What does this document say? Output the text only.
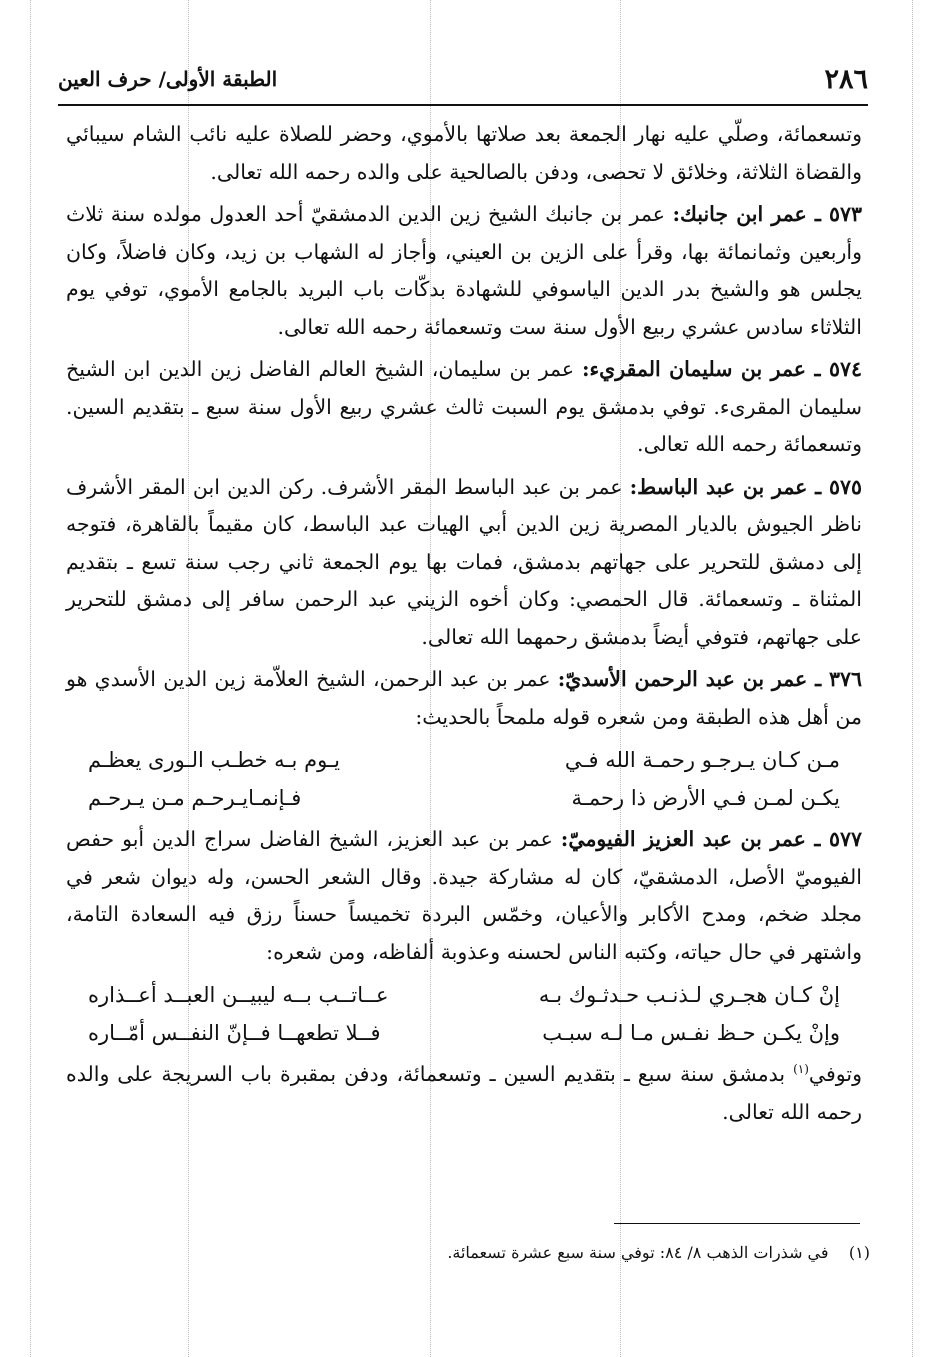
٢٨٦
الطبقة الأولى/ حرف العين

وتسعمائة، وصلّي عليه نهار الجمعة بعد صلاتها بالأموي، وحضر للصلاة عليه نائب الشام سيبائي والقضاة الثلاثة، وخلائق لا تحصى، ودفن بالصالحية على والده رحمه الله تعالى.

٥٧٣ ـ عمر ابن جانبك: عمر بن جانبك الشيخ زين الدين الدمشقيّ أحد العدول مولده سنة ثلاث وأربعين وثمانمائة بها، وقرأ على الزين بن العيني، وأجاز له الشهاب بن زيد، وكان فاضلاً، وكان يجلس هو والشيخ بدر الدين الياسوفي للشهادة بدكّات باب البريد بالجامع الأموي، توفي يوم الثلاثاء سادس عشري ربيع الأول سنة ست وتسعمائة رحمه الله تعالى.

٥٧٤ ـ عمر بن سليمان المقريء: عمر بن سليمان، الشيخ العالم الفاضل زين الدين ابن الشيخ سليمان المقرىء. توفي بدمشق يوم السبت ثالث عشري ربيع الأول سنة سبع ـ بتقديم السين. وتسعمائة رحمه الله تعالى.

٥٧٥ ـ عمر بن عبد الباسط: عمر بن عبد الباسط المقر الأشرف. ركن الدين ابن المقر الأشرف ناظر الجيوش بالديار المصرية زين الدين أبي الهيات عبد الباسط، كان مقيماً بالقاهرة، فتوجه إلى دمشق للتحرير على جهاتهم بدمشق، فمات بها يوم الجمعة ثاني رجب سنة تسع ـ بتقديم المثناة ـ وتسعمائة. قال الحمصي: وكان أخوه الزيني عبد الرحمن سافر إلى دمشق للتحرير على جهاتهم، فتوفي أيضاً بدمشق رحمهما الله تعالى.

٣٧٦ ـ عمر بن عبد الرحمن الأسديّ: عمر بن عبد الرحمن، الشيخ العلاّمة زين الدين الأسدي هو من أهل هذه الطبقة ومن شعره قوله ملمحاً بالحديث:

مـن كـان يـرجـو رحمـة الله فـي
يـوم بـه خطـب الـورى يعظـم
يكـن لمـن فـي الأرض ذا رحمـة
فـإنمـايـرحـم مـن يـرحـم

٥٧٧ ـ عمر بن عبد العزيز الفيوميّ: عمر بن عبد العزيز، الشيخ الفاضل سراج الدين أبو حفص الفيوميّ الأصل، الدمشقيّ، كان له مشاركة جيدة. وقال الشعر الحسن، وله ديوان شعر في مجلد ضخم، ومدح الأكابر والأعيان، وخمّس البردة تخميساً حسناً رزق فيه السعادة التامة، واشتهر في حال حياته، وكتبه الناس لحسنه وعذوبة ألفاظه، ومن شعره:

إنْ كـان هجـري لـذنـب حـدثـوك بـه
عــاتــب بــه ليبيــن العبــد أعــذاره
وإنْ يكـن حـظ نفـس مـا لـه سبـب
فــلا تطعهــا فــإنّ النفــس أمّــاره

وتوفي$^{(١)}$ بدمشق سنة سبع ـ بتقديم السين ـ وتسعمائة، ودفن بمقبرة باب السريجة على والده رحمه الله تعالى.

(١)    في شذرات الذهب ٨/ ٨٤: توفي سنة سبع عشرة تسعمائة.
